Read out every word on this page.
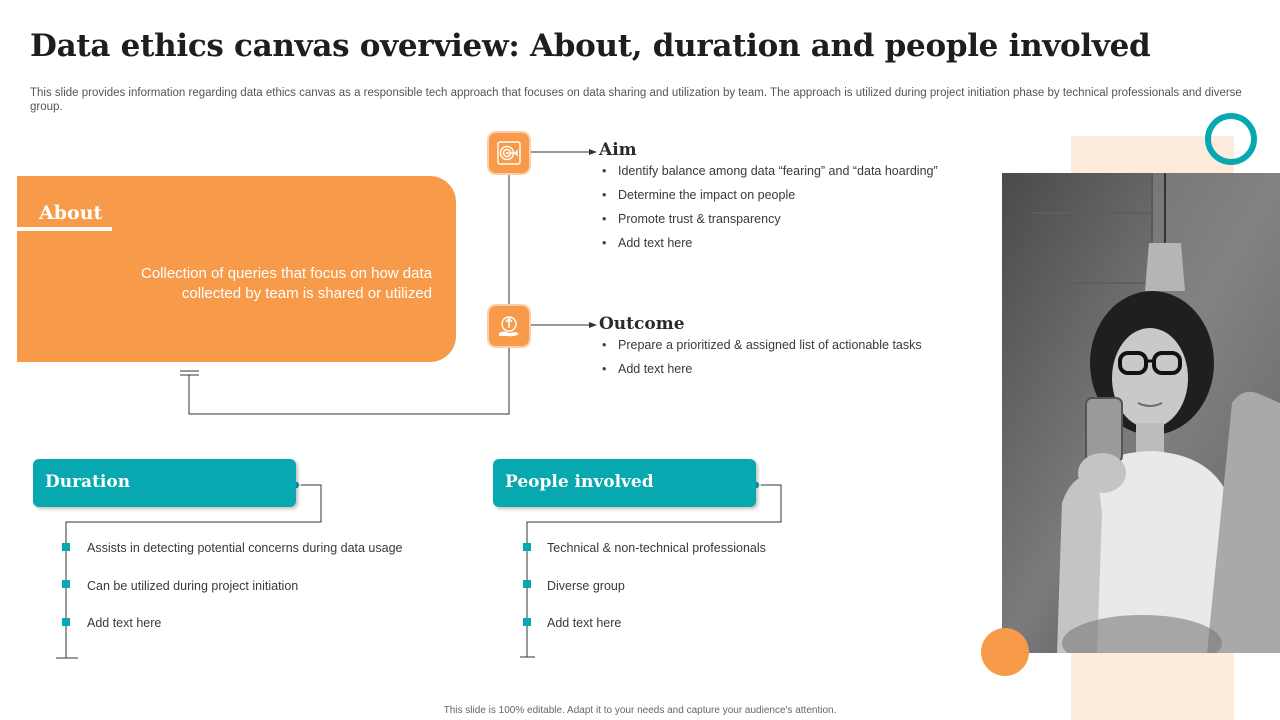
Data ethics canvas overview: About, duration and people involved
This slide provides information regarding data ethics canvas as a responsible tech approach that focuses on data sharing and utilization by team. The approach is utilized during project initiation phase by technical professionals and diverse group.
About
Collection of queries that focus on how data collected by team is shared or utilized
Aim
• Identify balance among data “fearing” and “data hoarding”
• Determine the impact on people
• Promote trust & transparency
• Add text here
Outcome
• Prepare a prioritized & assigned list of actionable tasks
• Add text here
Duration
Assists in detecting potential concerns during data usage
Can be utilized during project initiation
Add text here
People involved
Technical & non-technical professionals
Diverse group
Add text here
This slide is 100% editable. Adapt it to your needs and capture your audience's attention.
